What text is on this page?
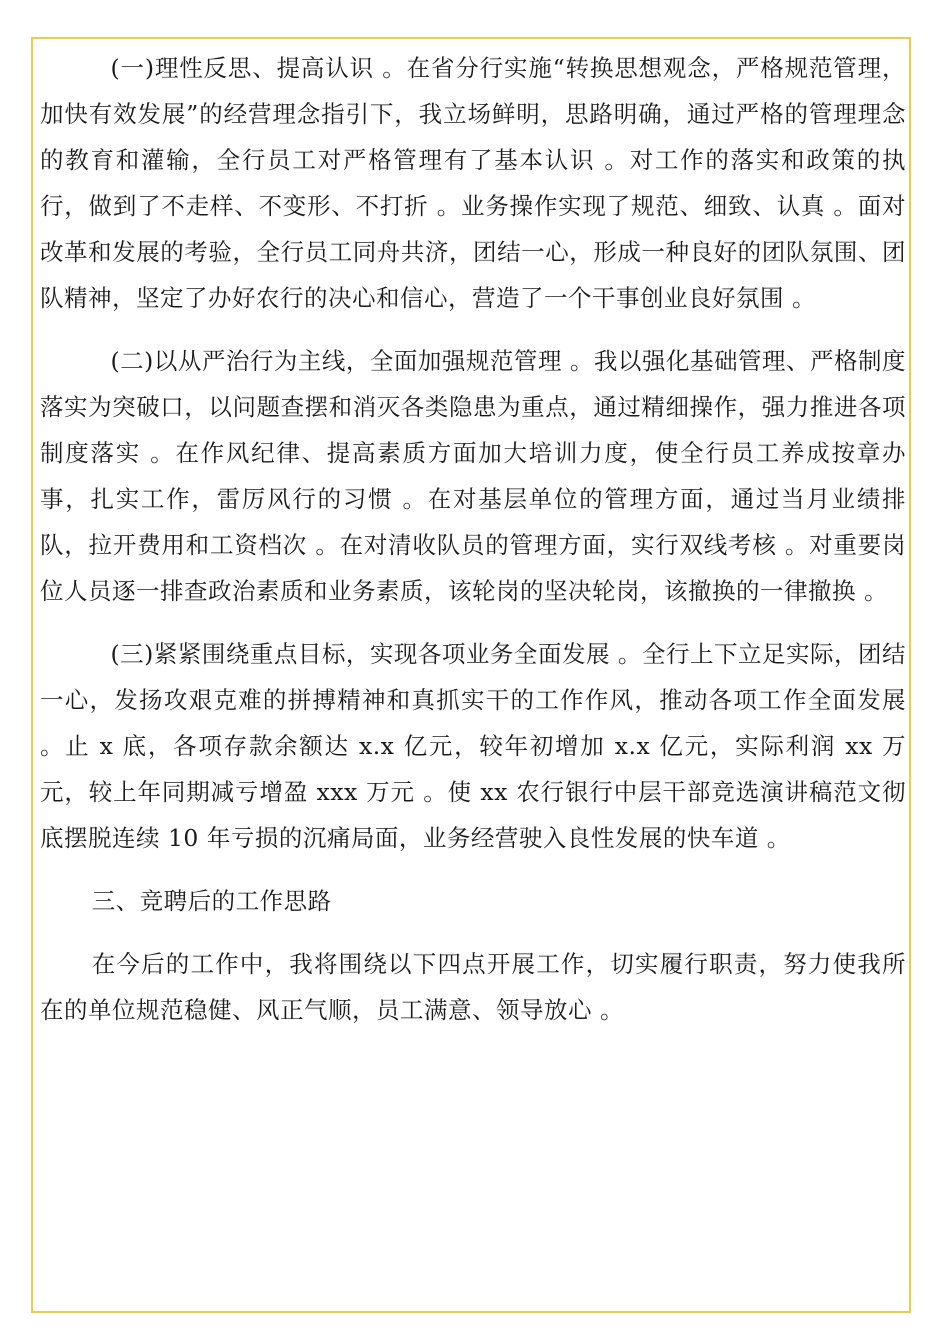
(一)理性反思、提高认识 。在省分行实施“转换思想观念，严格规范管理，加快有效发展”的经营理念指引下，我立场鲜明，思路明确，通过严格的管理理念的教育和灌输，全行员工对严格管理有了基本认识 。对工作的落实和政策的执行，做到了不走样、不变形、不打折 。业务操作实现了规范、细致、认真 。面对改革和发展的考验，全行员工同舟共济，团结一心，形成一种良好的团队氛围、团队精神，坚定了办好农行的决心和信心，营造了一个干事创业良好氛围 。

(二)以从严治行为主线，全面加强规范管理 。我以强化基础管理、严格制度落实为突破口，以问题查摆和消灭各类隐患为重点，通过精细操作，强力推进各项制度落实 。在作风纪律、提高素质方面加大培训力度，使全行员工养成按章办事，扎实工作，雷厉风行的习惯 。在对基层单位的管理方面，通过当月业绩排队，拉开费用和工资档次 。在对清收队员的管理方面，实行双线考核 。对重要岗位人员逐一排查政治素质和业务素质，该轮岗的坚决轮岗，该撤换的一律撤换 。

(三)紧紧围绕重点目标，实现各项业务全面发展 。全行上下立足实际，团结一心，发扬攻艰克难的拼搏精神和真抓实干的工作作风，推动各项工作全面发展 。止 x 底，各项存款余额达 x.x 亿元，较年初增加 x.x 亿元，实际利润 xx 万元，较上年同期减亏增盈 xxx 万元 。使 xx 农行银行中层干部竞选演讲稿范文彻底摆脱连续 10 年亏损的沉痛局面，业务经营驶入良性发展的快车道 。

三、竞聘后的工作思路

在今后的工作中，我将围绕以下四点开展工作，切实履行职责，努力使我所在的单位规范稳健、风正气顺，员工满意、领导放心 。
